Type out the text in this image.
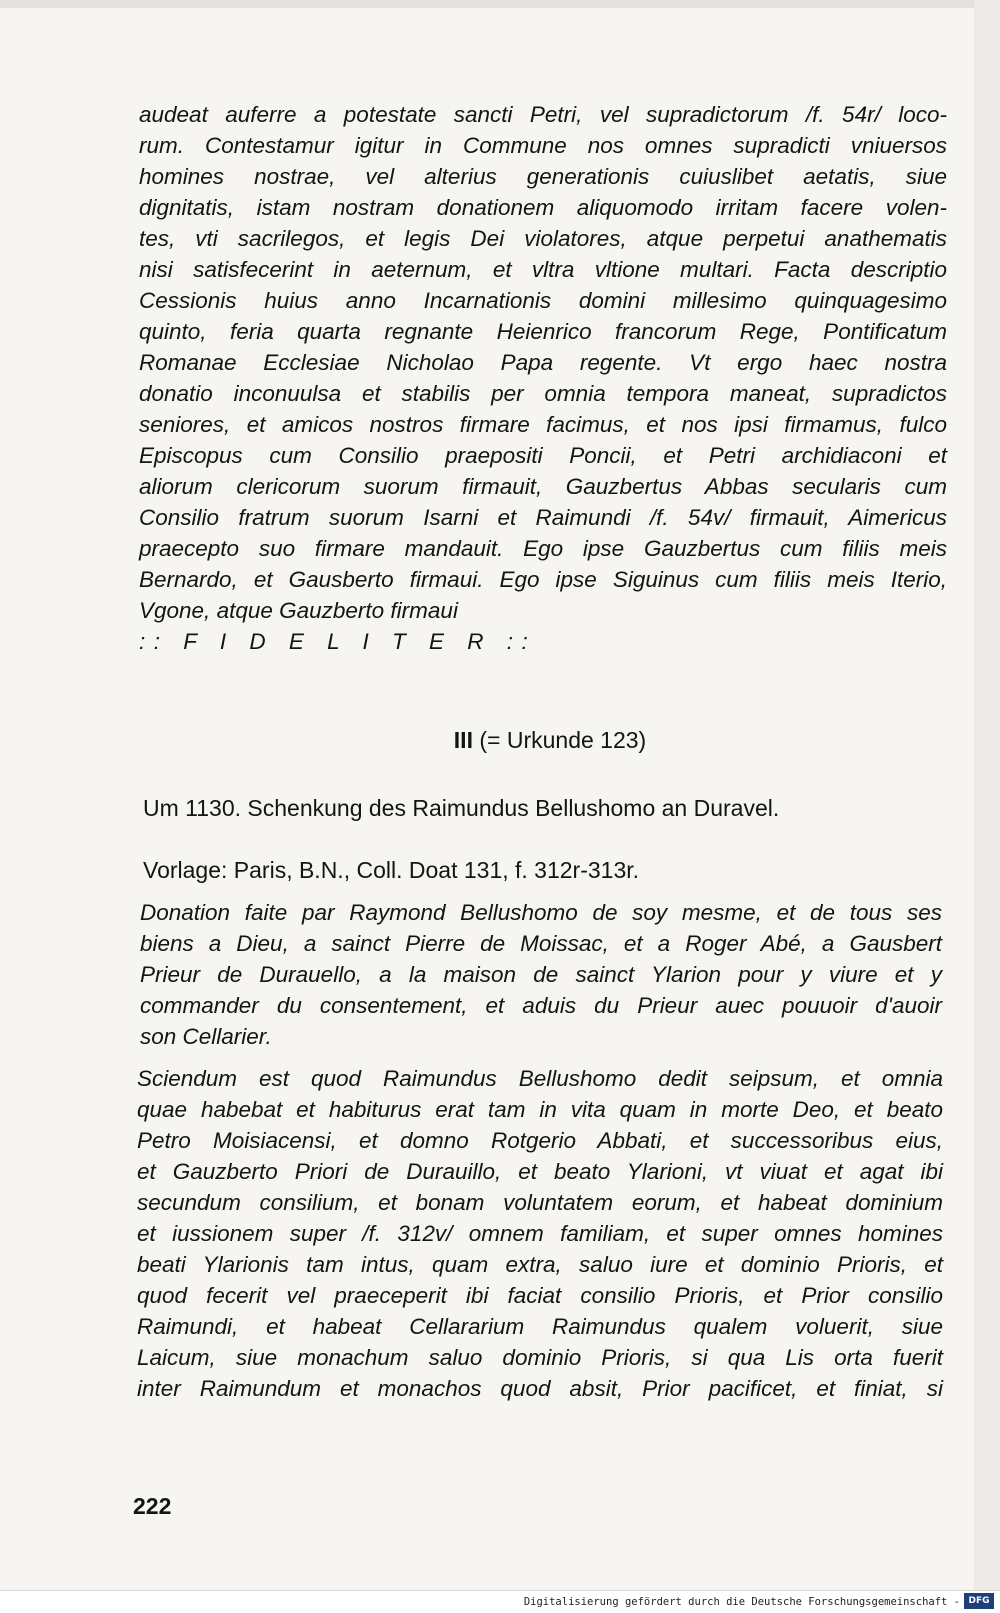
audeat auferre a potestate sancti Petri, vel supradictorum /f. 54r/ loco-
rum. Contestamur igitur in Commune nos omnes supradicti vniuersos
homines nostrae, vel alterius generationis cuiuslibet aetatis, siue
dignitatis, istam nostram donationem aliquomodo irritam facere volen-
tes, vti sacrilegos, et legis Dei violatores, atque perpetui anathematis
nisi satisfecerint in aeternum, et vltra vltione multari. Facta descriptio
Cessionis huius anno Incarnationis domini millesimo quinquagesimo
quinto, feria quarta regnante Heienrico francorum Rege, Pontificatum
Romanae Ecclesiae Nicholao Papa regente. Vt ergo haec nostra
donatio inconuulsa et stabilis per omnia tempora maneat, supradictos
seniores, et amicos nostros firmare facimus, et nos ipsi firmamus, fulco
Episcopus cum Consilio praepositi Poncii, et Petri archidiaconi et
aliorum clericorum suorum firmauit, Gauzbertus Abbas secularis cum
Consilio fratrum suorum Isarni et Raimundi /f. 54v/ firmauit, Aimericus
praecepto suo firmare mandauit. Ego ipse Gauzbertus cum filiis meis
Bernardo, et Gausberto firmaui. Ego ipse Siguinus cum filiis meis Iterio,
Vgone, atque Gauzberto firmaui
:: F I D E L I T E R ::
III (= Urkunde 123)
Um 1130. Schenkung des Raimundus Bellushomo an Duravel.
Vorlage: Paris, B.N., Coll. Doat 131, f. 312r-313r.
Donation faite par Raymond Bellushomo de soy mesme, et de tous ses
biens a Dieu, a sainct Pierre de Moissac, et a Roger Abé, a Gausbert
Prieur de Durauello, a la maison de sainct Ylarion pour y viure et y
commander du consentement, et aduis du Prieur auec pouuoir d'auoir
son Cellarier.
Sciendum est quod Raimundus Bellushomo dedit seipsum, et omnia
quae habebat et habiturus erat tam in vita quam in morte Deo, et beato
Petro Moisiacensi, et domno Rotgerio Abbati, et successoribus eius,
et Gauzberto Priori de Durauillo, et beato Ylarioni, vt viuat et agat ibi
secundum consilium, et bonam voluntatem eorum, et habeat dominium
et iussionem super /f. 312v/ omnem familiam, et super omnes homines
beati Ylarionis tam intus, quam extra, saluo iure et dominio Prioris, et
quod fecerit vel praeceperit ibi faciat consilio Prioris, et Prior consilio
Raimundi, et habeat Cellararium Raimundus qualem voluerit, siue
Laicum, siue monachum saluo dominio Prioris, si qua Lis orta fuerit
inter Raimundum et monachos quod absit, Prior pacificet, et finiat, si
222
Digitalisierung gefördert durch die Deutsche Forschungsgemeinschaft - DFG
